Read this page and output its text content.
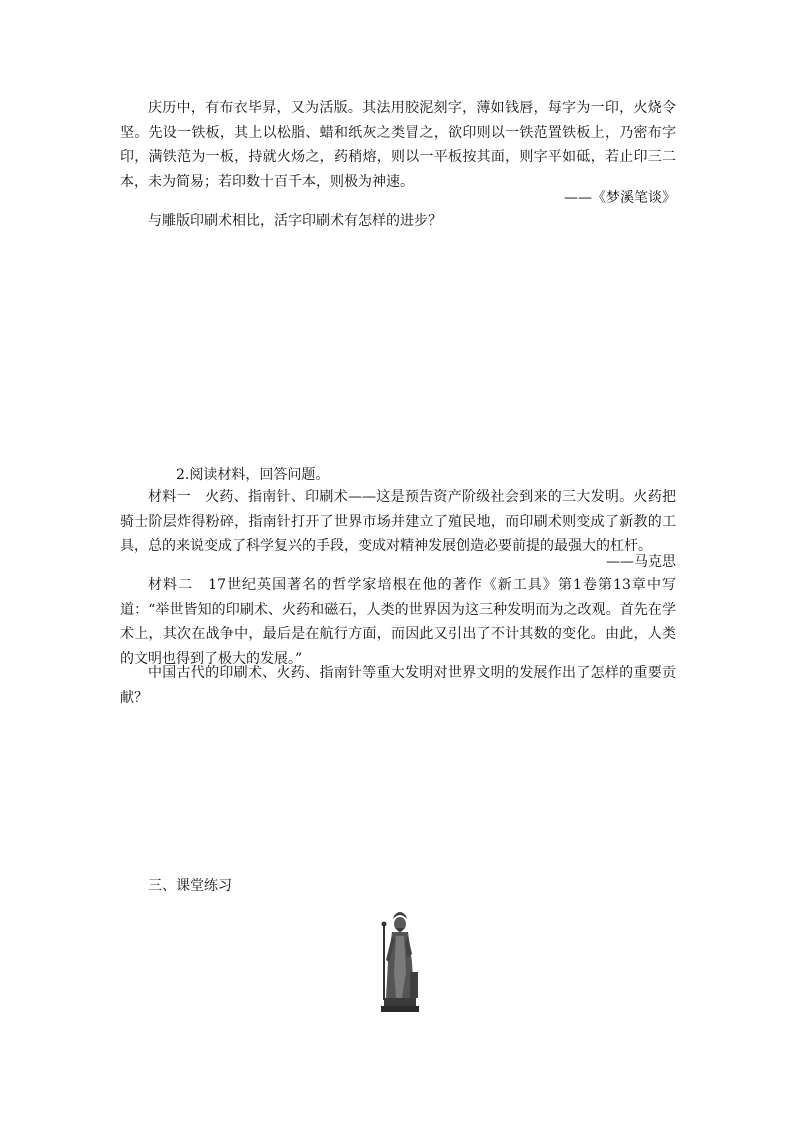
庆历中，有布衣毕昇，又为活版。其法用胶泥刻字，薄如钱唇，每字为一印，火烧令坚。先设一铁板，其上以松脂、蜡和纸灰之类冒之，欲印则以一铁范置铁板上，乃密布字印，满铁范为一板，持就火炀之，药稍熔，则以一平板按其面，则字平如砥，若止印三二本，未为简易；若印数十百千本，则极为神速。

——《梦溪笔谈》

与雕版印刷术相比，活字印刷术有怎样的进步？

2.阅读材料，回答问题。

材料一　火药、指南针、印刷术——这是预告资产阶级社会到来的三大发明。火药把骑士阶层炸得粉碎，指南针打开了世界市场并建立了殖民地，而印刷术则变成了新教的工具，总的来说变成了科学复兴的手段，变成对精神发展创造必要前提的最强大的杠杆。

——马克思

材料二　17世纪英国著名的哲学家培根在他的著作《新工具》第1卷第13章中写道：“举世皆知的印刷术、火药和磁石，人类的世界因为这三种发明而为之改观。首先在学术上，其次在战争中，最后是在航行方面，而因此又引出了不计其数的变化。由此，人类的文明也得到了极大的发展。”

中国古代的印刷术、火药、指南针等重大发明对世界文明的发展作出了怎样的重要贡献？

三、课堂练习
